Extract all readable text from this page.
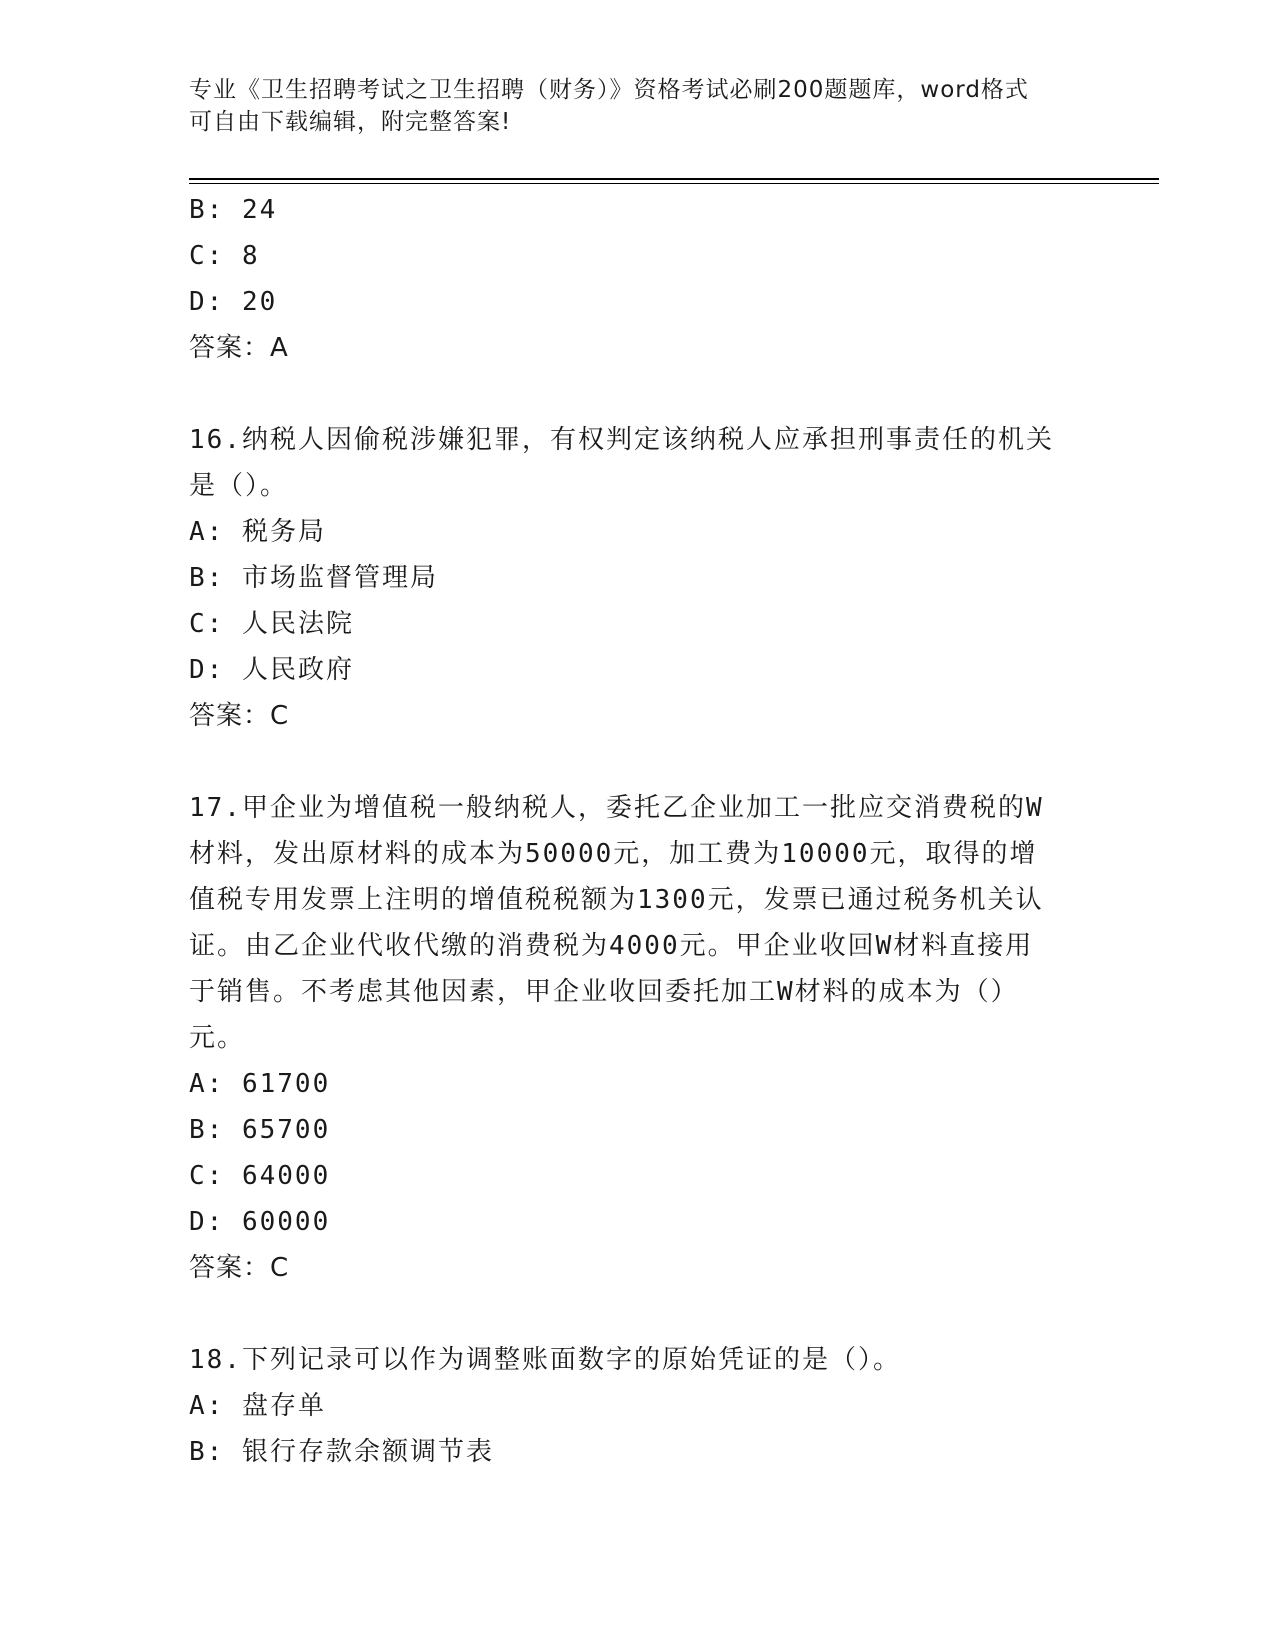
专业《卫生招聘考试之卫生招聘（财务）》资格考试必刷200题题库，word格式
可自由下载编辑，附完整答案!
B: 24
C: 8
D: 20
答案：A
16.纳税人因偷税涉嫌犯罪，有权判定该纳税人应承担刑事责任的机关
是（）。
A: 税务局
B: 市场监督管理局
C: 人民法院
D: 人民政府
答案：C
17.甲企业为增值税一般纳税人，委托乙企业加工一批应交消费税的W
材料，发出原材料的成本为50000元，加工费为10000元，取得的增
值税专用发票上注明的增值税税额为1300元，发票已通过税务机关认
证。由乙企业代收代缴的消费税为4000元。甲企业收回W材料直接用
于销售。不考虑其他因素，甲企业收回委托加工W材料的成本为（）
元。
A: 61700
B: 65700
C: 64000
D: 60000
答案：C
18.下列记录可以作为调整账面数字的原始凭证的是（）。
A: 盘存单
B: 银行存款余额调节表
